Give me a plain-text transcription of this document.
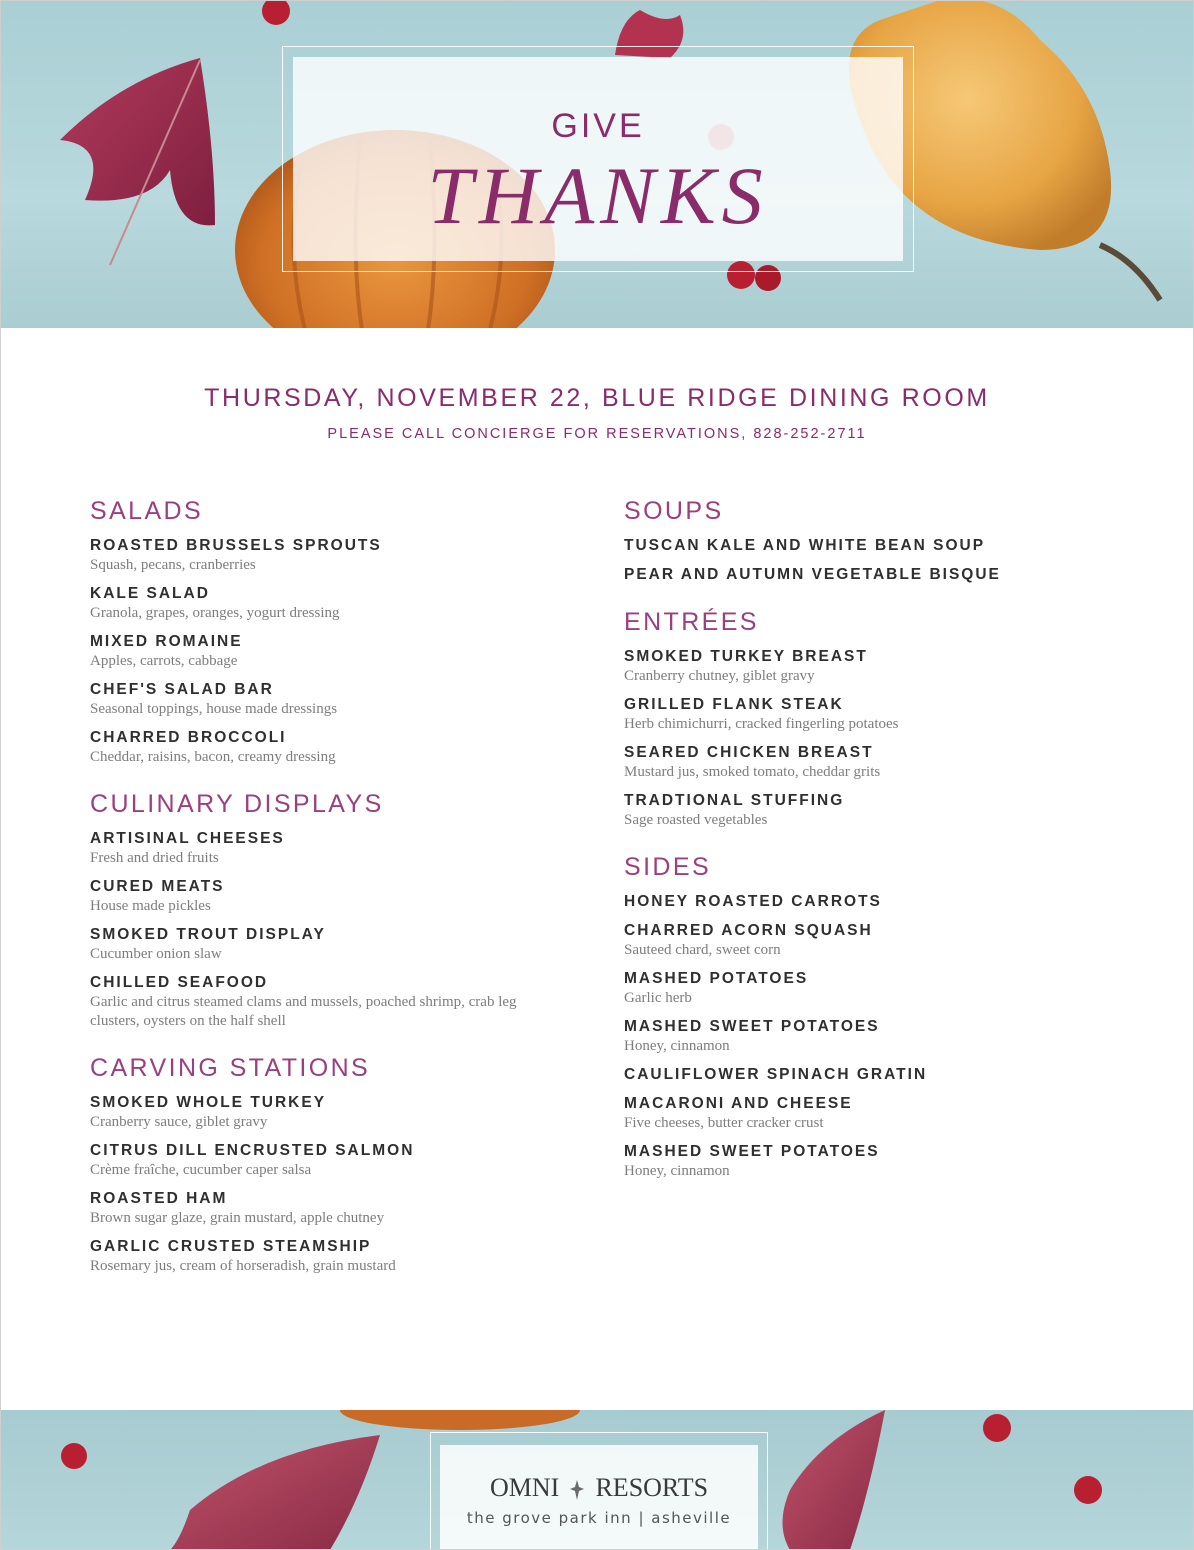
GIVE
THANKS
THURSDAY, NOVEMBER 22, BLUE RIDGE DINING ROOM
PLEASE CALL CONCIERGE FOR RESERVATIONS, 828-252-2711
SALADS
ROASTED BRUSSELS SPROUTS
Squash, pecans, cranberries
KALE SALAD
Granola, grapes, oranges, yogurt dressing
MIXED ROMAINE
Apples, carrots, cabbage
CHEF'S SALAD BAR
Seasonal toppings, house made dressings
CHARRED BROCCOLI
Cheddar, raisins, bacon, creamy dressing
CULINARY DISPLAYS
ARTISINAL CHEESES
Fresh and dried fruits
CURED MEATS
House made pickles
SMOKED TROUT DISPLAY
Cucumber onion slaw
CHILLED SEAFOOD
Garlic and citrus steamed clams and mussels, poached shrimp, crab leg clusters, oysters on the half shell
CARVING STATIONS
SMOKED WHOLE TURKEY
Cranberry sauce, giblet gravy
CITRUS DILL ENCRUSTED SALMON
Crème fraîche, cucumber caper salsa
ROASTED HAM
Brown sugar glaze, grain mustard, apple chutney
GARLIC CRUSTED STEAMSHIP
Rosemary jus, cream of horseradish, grain mustard
SOUPS
TUSCAN KALE AND WHITE BEAN SOUP
PEAR AND AUTUMN VEGETABLE BISQUE
ENTRÉES
SMOKED TURKEY BREAST
Cranberry chutney, giblet gravy
GRILLED FLANK STEAK
Herb chimichurri, cracked fingerling potatoes
SEARED CHICKEN BREAST
Mustard jus, smoked tomato, cheddar grits
TRADTIONAL STUFFING
Sage roasted vegetables
SIDES
HONEY ROASTED CARROTS
CHARRED ACORN SQUASH
Sauteed chard, sweet corn
MASHED POTATOES
Garlic herb
MASHED SWEET POTATOES
Honey, cinnamon
CAULIFLOWER SPINACH GRATIN
MACARONI AND CHEESE
Five cheeses, butter cracker crust
MASHED SWEET POTATOES
Honey, cinnamon
OMNI RESORTS
the grove park inn | asheville
